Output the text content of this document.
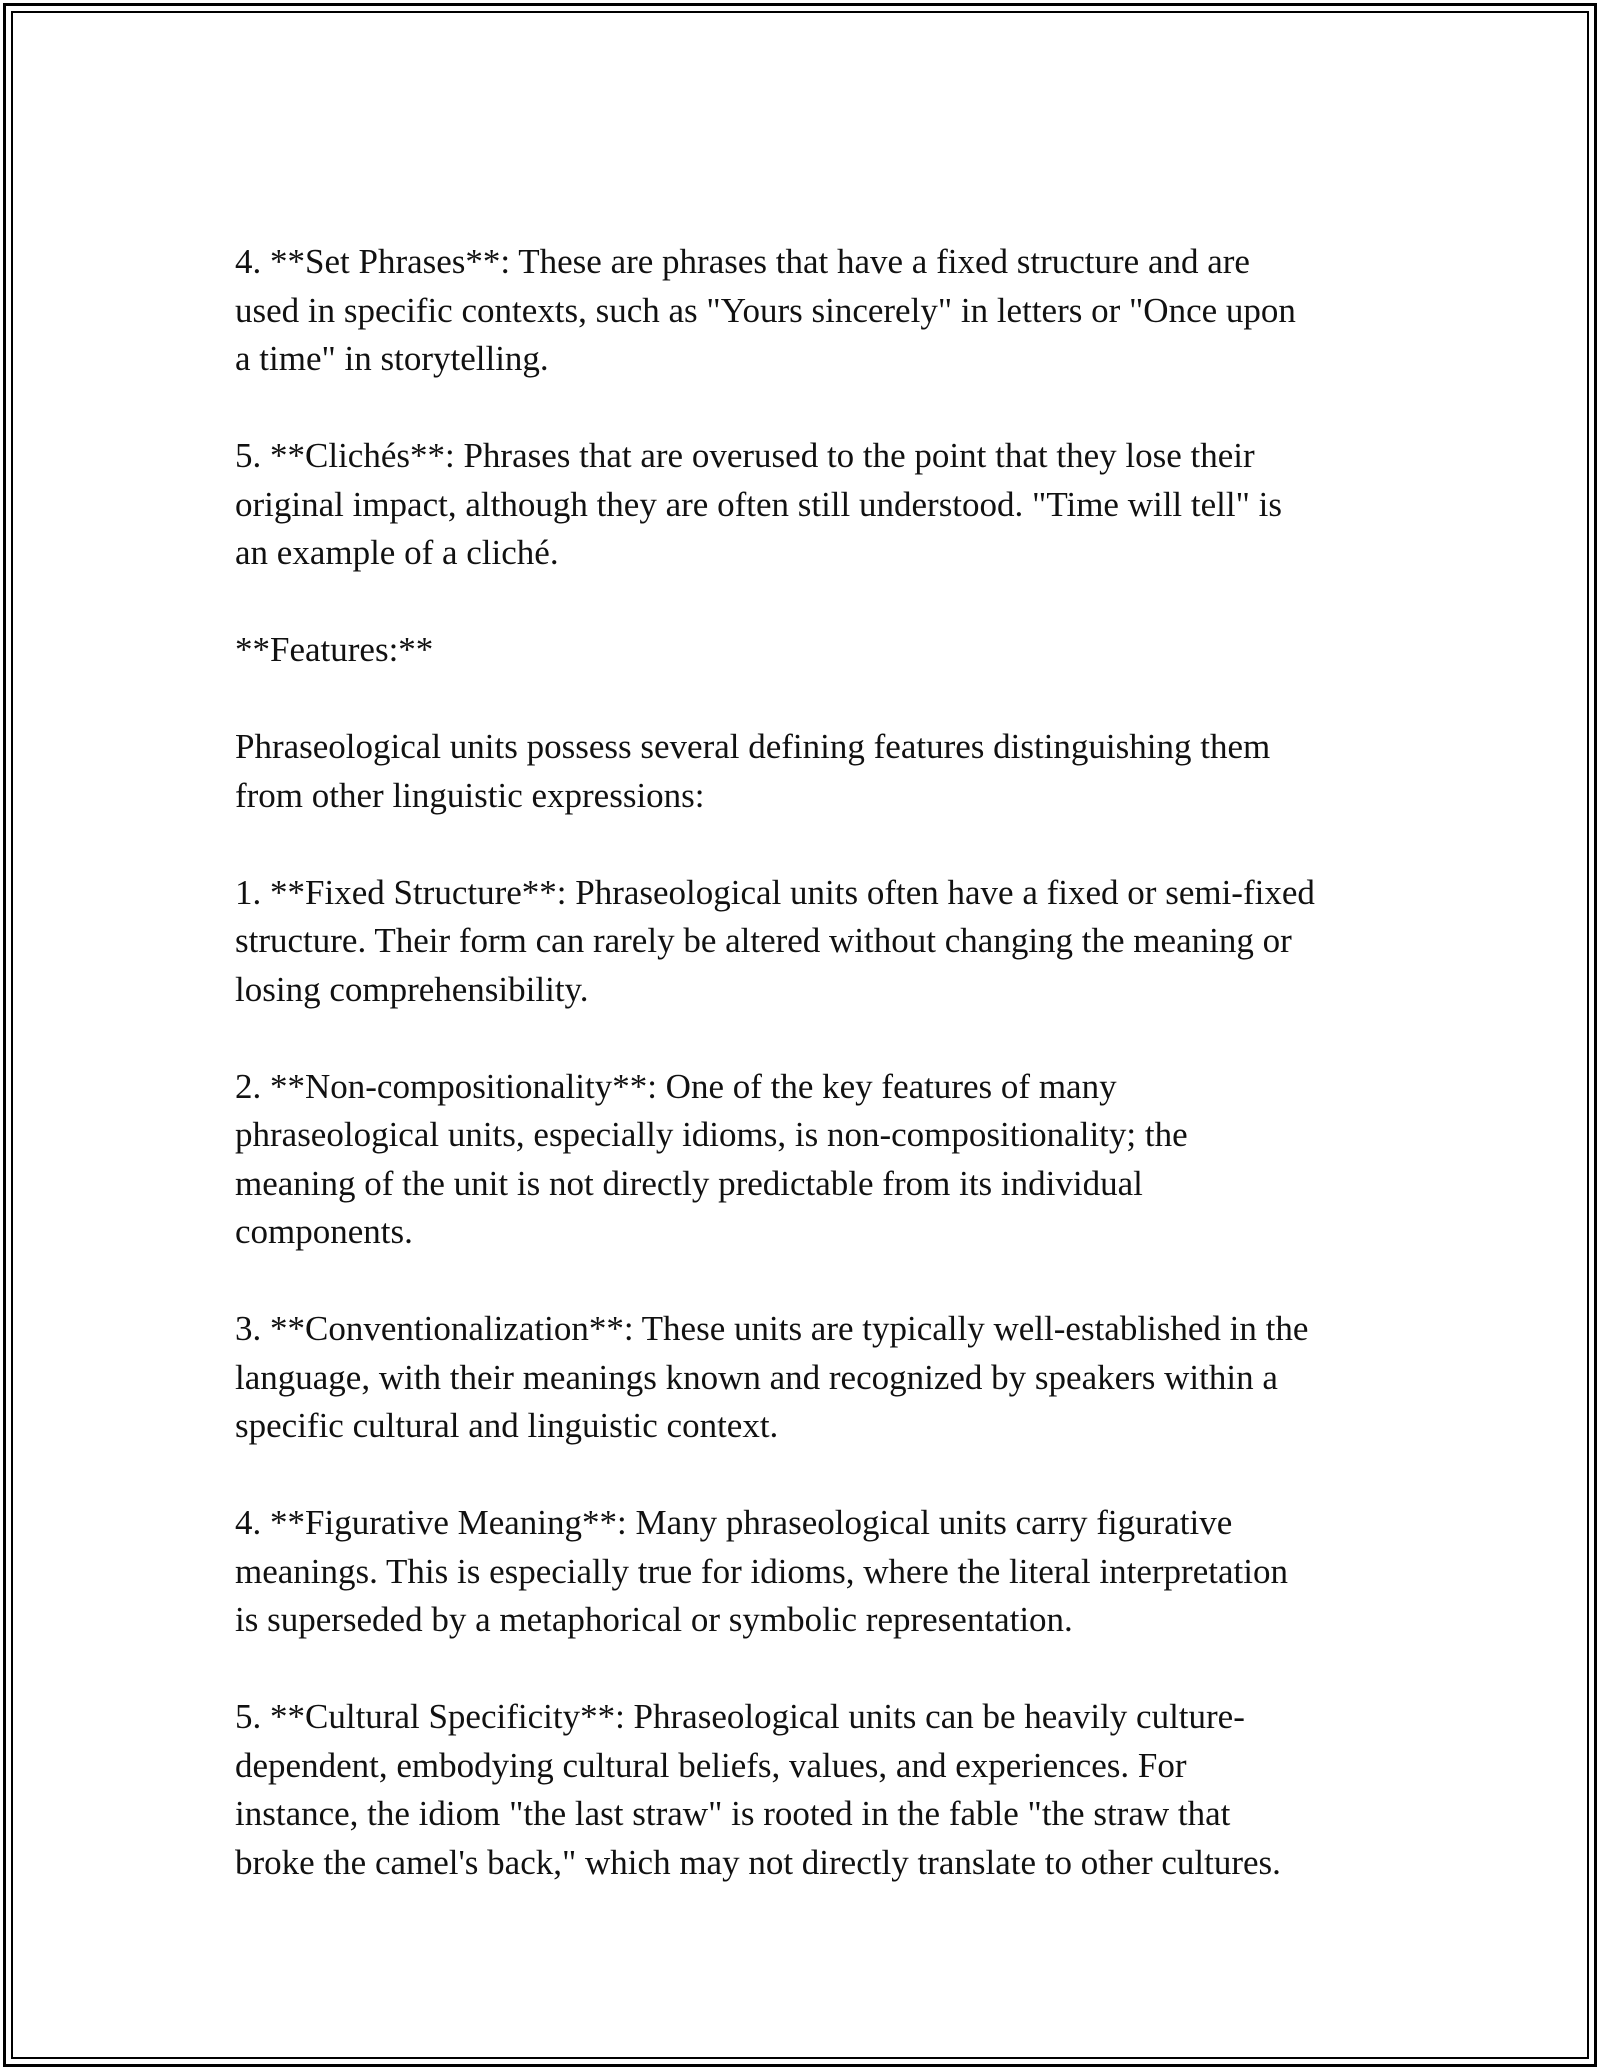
4. **Set Phrases**: These are phrases that have a fixed structure and are
used in specific contexts, such as "Yours sincerely" in letters or "Once upon
a time" in storytelling.

5. **Clichés**: Phrases that are overused to the point that they lose their
original impact, although they are often still understood. "Time will tell" is
an example of a cliché.

**Features:**

Phraseological units possess several defining features distinguishing them
from other linguistic expressions:

1. **Fixed Structure**: Phraseological units often have a fixed or semi-fixed
structure. Their form can rarely be altered without changing the meaning or
losing comprehensibility.

2. **Non-compositionality**: One of the key features of many
phraseological units, especially idioms, is non-compositionality; the
meaning of the unit is not directly predictable from its individual
components.

3. **Conventionalization**: These units are typically well-established in the
language, with their meanings known and recognized by speakers within a
specific cultural and linguistic context.

4. **Figurative Meaning**: Many phraseological units carry figurative
meanings. This is especially true for idioms, where the literal interpretation
is superseded by a metaphorical or symbolic representation.

5. **Cultural Specificity**: Phraseological units can be heavily culture-
dependent, embodying cultural beliefs, values, and experiences. For
instance, the idiom "the last straw" is rooted in the fable "the straw that
broke the camel's back," which may not directly translate to other cultures.
